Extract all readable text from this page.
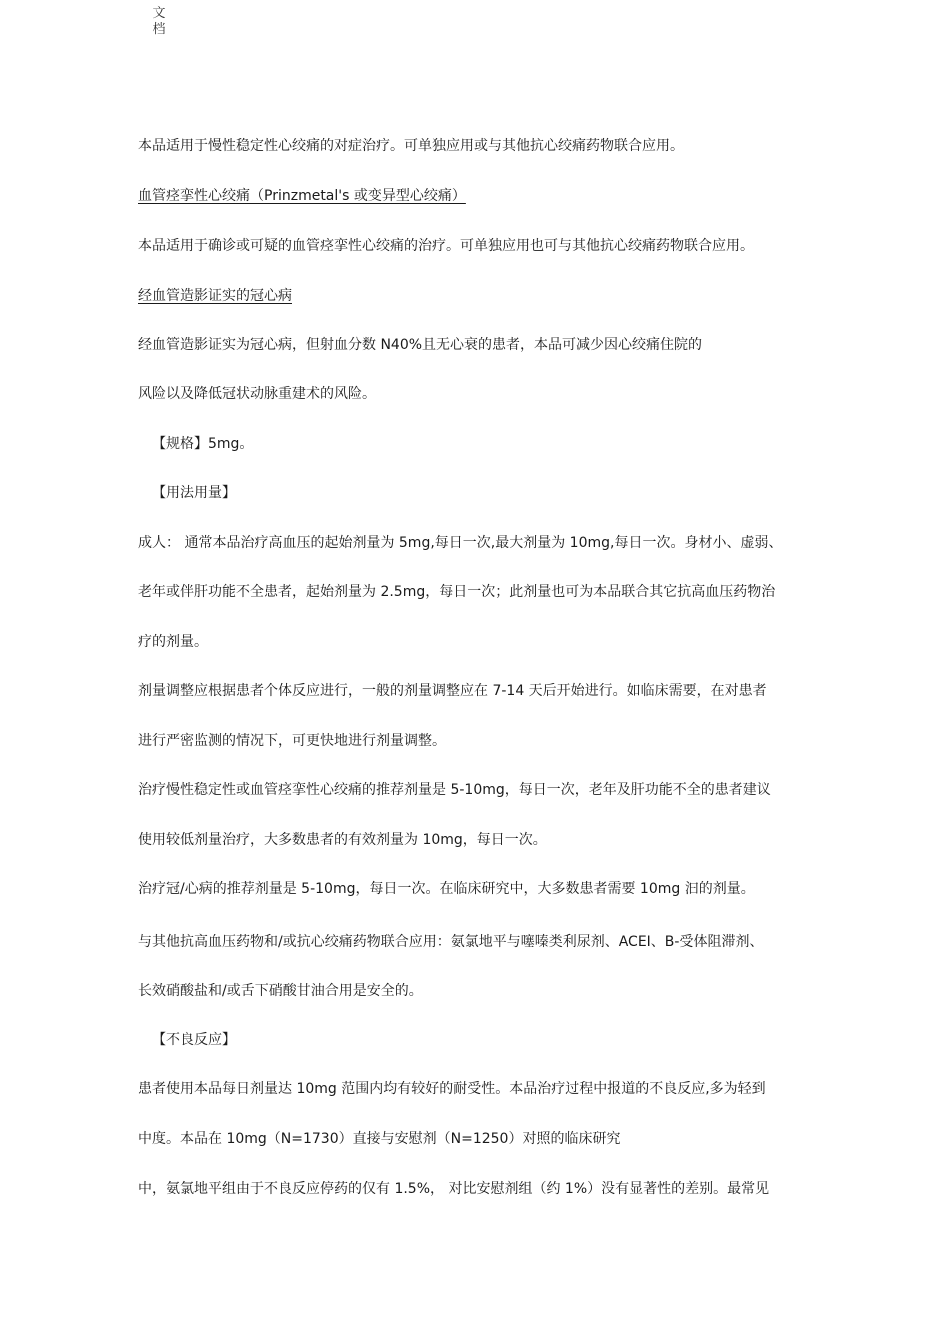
文档
本品适用于慢性稳定性心绞痛的对症治疗。可单独应用或与其他抗心绞痛药物联合应用。
血管痉挛性心绞痛（Prinzmetal's 或变异型心绞痛）
本品适用于确诊或可疑的血管痉挛性心绞痛的治疗。可单独应用也可与其他抗心绞痛药物联合应用。
经血管造影证实的冠心病
经血管造影证实为冠心病，但射血分数 N40%且无心衰的患者，本品可减少因心绞痛住院的
风险以及降低冠状动脉重建术的风险。
【规格】5mg。
【用法用量】
成人： 通常本品治疗高血压的起始剂量为 5mg,每日一次,最大剂量为 10mg,每日一次。身材小、虚弱、
老年或伴肝功能不全患者，起始剂量为 2.5mg，每日一次；此剂量也可为本品联合其它抗高血压药物治
疗的剂量。
剂量调整应根据患者个体反应进行，一般的剂量调整应在 7-14 天后开始进行。如临床需要，在对患者
进行严密监测的情况下，可更快地进行剂量调整。
治疗慢性稳定性或血管痉挛性心绞痛的推荐剂量是 5-10mg，每日一次，老年及肝功能不全的患者建议
使用较低剂量治疗，大多数患者的有效剂量为 10mg，每日一次。
治疗冠/心病的推荐剂量是 5-10mg，每日一次。在临床研究中，大多数患者需要 10mg 汩的剂量。
与其他抗高血压药物和/或抗心绞痛药物联合应用：氨氯地平与噻嗪类利尿剂、ACEI、B-受体阻滞剂、
长效硝酸盐和/或舌下硝酸甘油合用是安全的。
【不良反应】
患者使用本品每日剂量达 10mg 范围内均有较好的耐受性。本品治疗过程中报道的不良反应,多为轻到
中度。本品在 10mg（N=1730）直接与安慰剂（N=1250）对照的临床研究
中，氨氯地平组由于不良反应停药的仅有 1.5%， 对比安慰剂组（约 1%）没有显著性的差别。最常见
